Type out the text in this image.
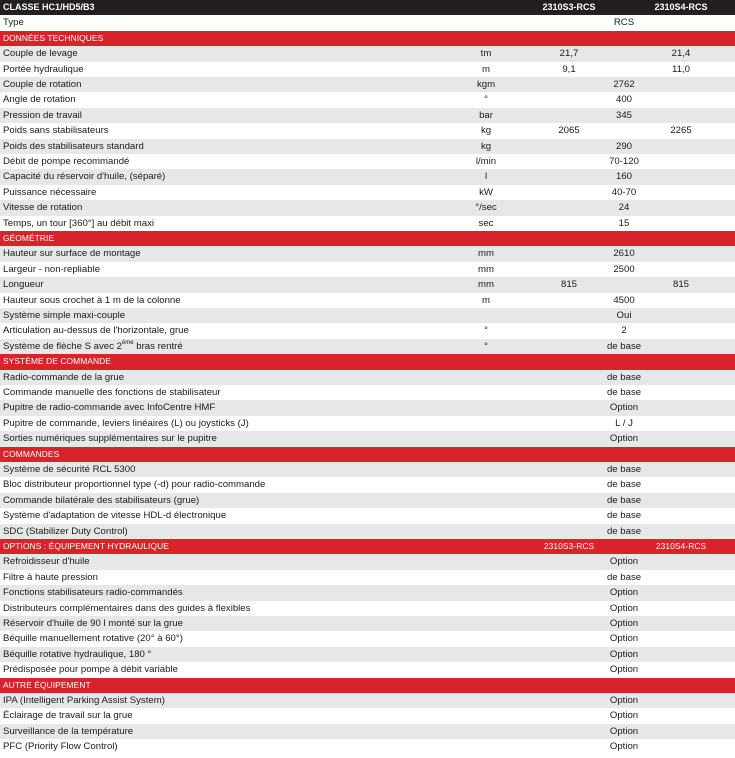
CLASSE HC1/HD5/B3	2310S3-RCS	2310S4-RCS
Type	RCS
DONNÉES TECHNIQUES
Couple de levage	tm	21,7	21,4
Portée hydraulique	m	9,1	11,0
Couple de rotation	kgm	2762
Angle de rotation	°	400
Pression de travail	bar	345
Poids sans stabilisateurs	kg	2065	2265
Poids des stabilisateurs standard	kg	290
Débit de pompe recommandé	l/min	70-120
Capacité du réservoir d'huile, (séparé)	l	160
Puissance nécessaire	kW	40-70
Vitesse de rotation	°/sec	24
Temps, un tour [360°] au débit maxi	sec	15
GÉOMÉTRIE
Hauteur sur surface de montage	mm	2610
Largeur - non-repliable	mm	2500
Longueur	mm	815	815
Hauteur sous crochet à 1 m de la colonne	m	4500
Système simple maxi-couple	Oui
Articulation au-dessus de l'horizontale, grue	°	2
Système de flèche S avec 2ème bras rentré	°	de base
SYSTÈME DE COMMANDE
Radio-commande de la grue	de base
Commande manuelle des fonctions de stabilisateur	de base
Pupitre de radio-commande avec InfoCentre HMF	Option
Pupitre de commande, leviers linéaires (L) ou joysticks (J)	L / J
Sorties numériques supplémentaires sur le pupitre	Option
COMMANDES
Système de sécurité RCL 5300	de base
Bloc distributeur proportionnel type (-d) pour radio-commande	de base
Commande bilatérale des stabilisateurs (grue)	de base
Système d'adaptation de vitesse HDL-d électronique	de base
SDC (Stabilizer Duty Control)	de base
OPTIONS : ÉQUIPEMENT HYDRAULIQUE	2310S3-RCS	2310S4-RCS
Refroidisseur d'huile	Option
Filtre à haute pression	de base
Fonctions stabilisateurs radio-commandés	Option
Distributeurs complémentaires dans des guides à flexibles	Option
Réservoir d'huile de 90 l monté sur la grue	Option
Béquille manuellement rotative (20° à 60°)	Option
Béquille rotative hydraulique, 180 °	Option
Prédisposée pour pompe à débit variable	Option
AUTRE ÉQUIPEMENT
IPA (Intelligent Parking Assist System)	Option
Éclairage de travail sur la grue	Option
Surveillance de la température	Option
PFC (Priority Flow Control)	Option
